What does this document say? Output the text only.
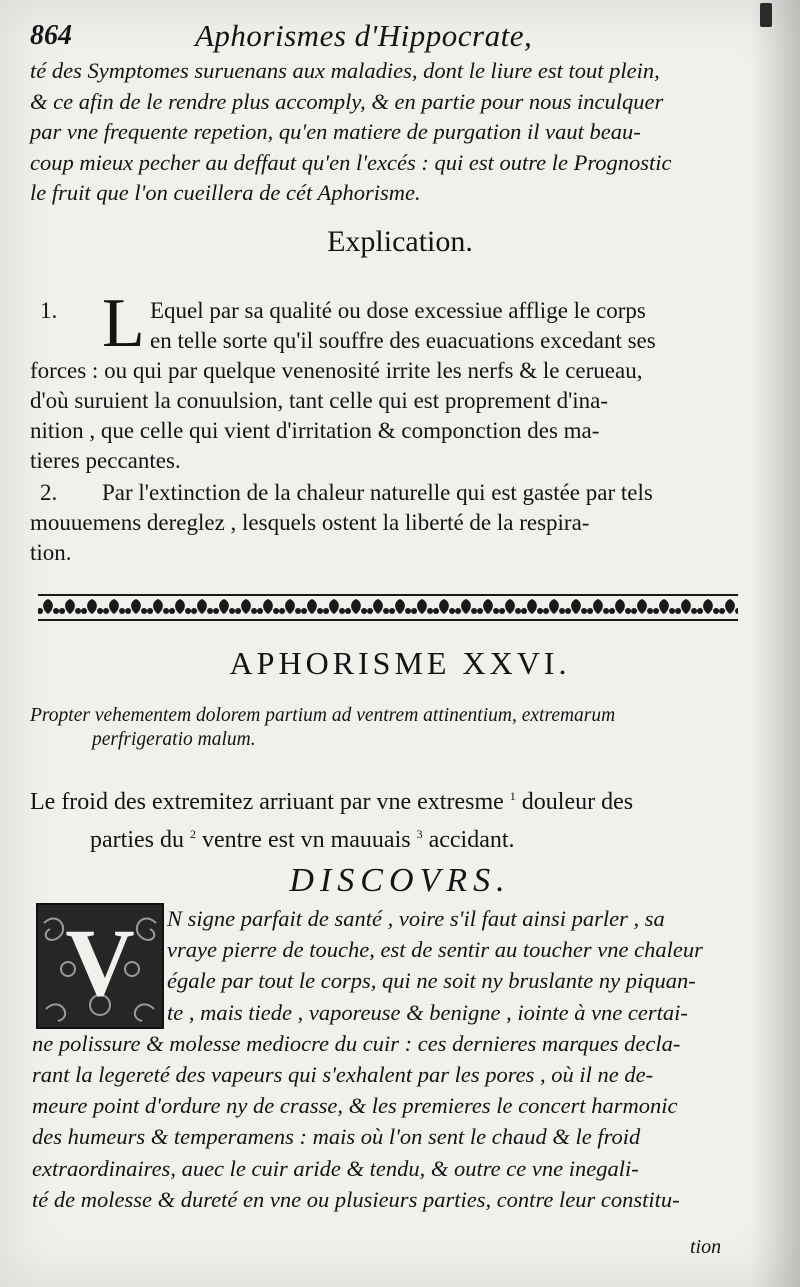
864	Aphorismes d'Hippocrate,
té des Symptomes suruenans aux maladies, dont le liure est tout plein,
& ce afin de le rendre plus accomply, & en partie pour nous inculquer
par vne frequente repetion, qu'en matiere de purgation il vaut beau-
coup mieux pecher au deffaut qu'en l'excés : qui est outre le Prognostic
le fruit que l'on cueillera de cét Aphorisme.
Explication.
1. L Equel par sa qualité ou dose excessiue afflige le corps
en telle sorte qu'il souffre des euacuations excedant ses
forces : ou qui par quelque venenosité irrite les nerfs & le cerueau,
d'où suruient la conuulsion, tant celle qui est proprement d'ina-
nition , que celle qui vient d'irritation & componction des ma-
tieres peccantes.
2. Par l'extinction de la chaleur naturelle qui est gastée par tels
mouuemens dereglez , lesquels ostent la liberté de la respira-
tion.
APHORISME XXVI.
Propter vehementem dolorem partium ad ventrem attinentium, extremarum
perfrigeratio malum.
Le froid des extremitez arriuant par vne extresme $^1$ douleur des
parties du $^2$ ventre est vn mauuais $^3$ accidant.
DISCOVRS.
V	N signe parfait de santé , voire s'il faut ainsi parler , sa
vraye pierre de touche, est de sentir au toucher vne chaleur
égale par tout le corps, qui ne soit ny bruslante ny piquan-
te , mais tiede , vaporeuse & benigne , iointe à vne certai-
ne polissure & molesse mediocre du cuir : ces dernieres marques decla-
rant la legereté des vapeurs qui s'exhalent par les pores , où il ne de-
meure point d'ordure ny de crasse, & les premieres le concert harmonic
des humeurs & temperamens : mais où l'on sent le chaud & le froid
extraordinaires, auec le cuir aride & tendu, & outre ce vne inegali-
té de molesse & dureté en vne ou plusieurs parties, contre leur constitu-
tion
